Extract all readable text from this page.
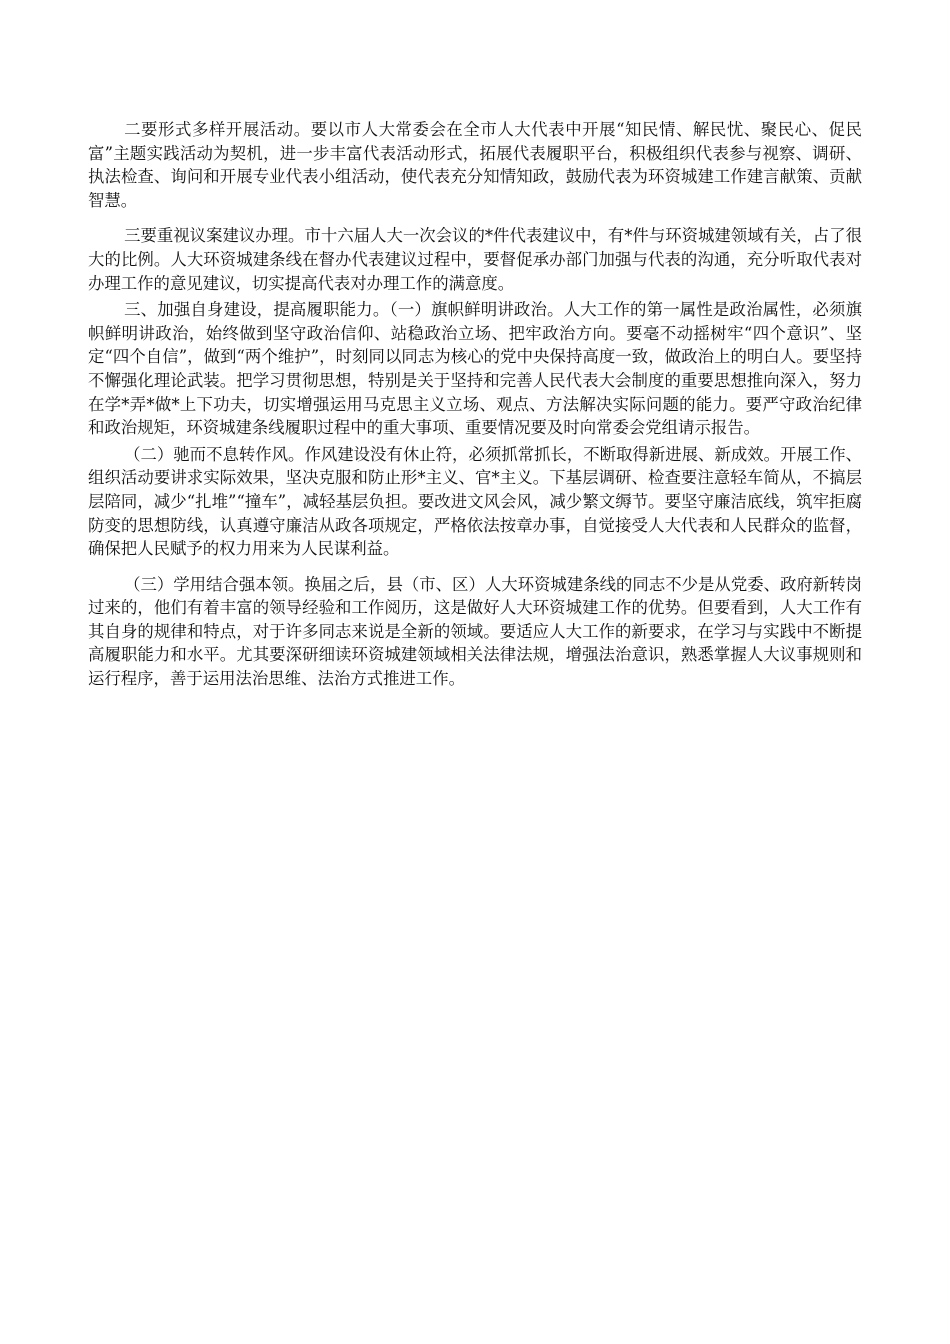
二要形式多样开展活动。要以市人大常委会在全市人大代表中开展“知民情、解民忧、聚民心、促民富”主题实践活动为契机，进一步丰富代表活动形式，拓展代表履职平台，积极组织代表参与视察、调研、执法检查、询问和开展专业代表小组活动，使代表充分知情知政，鼓励代表为环资城建工作建言献策、贡献智慧。

三要重视议案建议办理。市十六届人大一次会议的*件代表建议中，有*件与环资城建领域有关，占了很大的比例。人大环资城建条线在督办代表建议过程中，要督促承办部门加强与代表的沟通，充分听取代表对办理工作的意见建议，切实提高代表对办理工作的满意度。

三、加强自身建设，提高履职能力。（一）旗帜鲜明讲政治。人大工作的第一属性是政治属性，必须旗帜鲜明讲政治，始终做到坚守政治信仰、站稳政治立场、把牢政治方向。要毫不动摇树牢“四个意识”、坚定“四个自信”，做到“两个维护”，时刻同以同志为核心的党中央保持高度一致，做政治上的明白人。要坚持不懈强化理论武装。把学习贯彻思想，特别是关于坚持和完善人民代表大会制度的重要思想推向深入，努力在学*弄*做*上下功夫，切实增强运用马克思主义立场、观点、方法解决实际问题的能力。要严守政治纪律和政治规矩，环资城建条线履职过程中的重大事项、重要情况要及时向常委会党组请示报告。

（二）驰而不息转作风。作风建设没有休止符，必须抓常抓长，不断取得新进展、新成效。开展工作、组织活动要讲求实际效果，坚决克服和防止形*主义、官*主义。下基层调研、检查要注意轻车简从，不搞层层陪同，减少“扎堆”“撞车”，减轻基层负担。要改进文风会风，减少繁文缛节。要坚守廉洁底线，筑牢拒腐防变的思想防线，认真遵守廉洁从政各项规定，严格依法按章办事，自觉接受人大代表和人民群众的监督，确保把人民赋予的权力用来为人民谋利益。

（三）学用结合强本领。换届之后，县（市、区）人大环资城建条线的同志不少是从党委、政府新转岗过来的，他们有着丰富的领导经验和工作阅历，这是做好人大环资城建工作的优势。但要看到，人大工作有其自身的规律和特点，对于许多同志来说是全新的领域。要适应人大工作的新要求，在学习与实践中不断提高履职能力和水平。尤其要深研细读环资城建领域相关法律法规，增强法治意识，熟悉掌握人大议事规则和运行程序，善于运用法治思维、法治方式推进工作。
